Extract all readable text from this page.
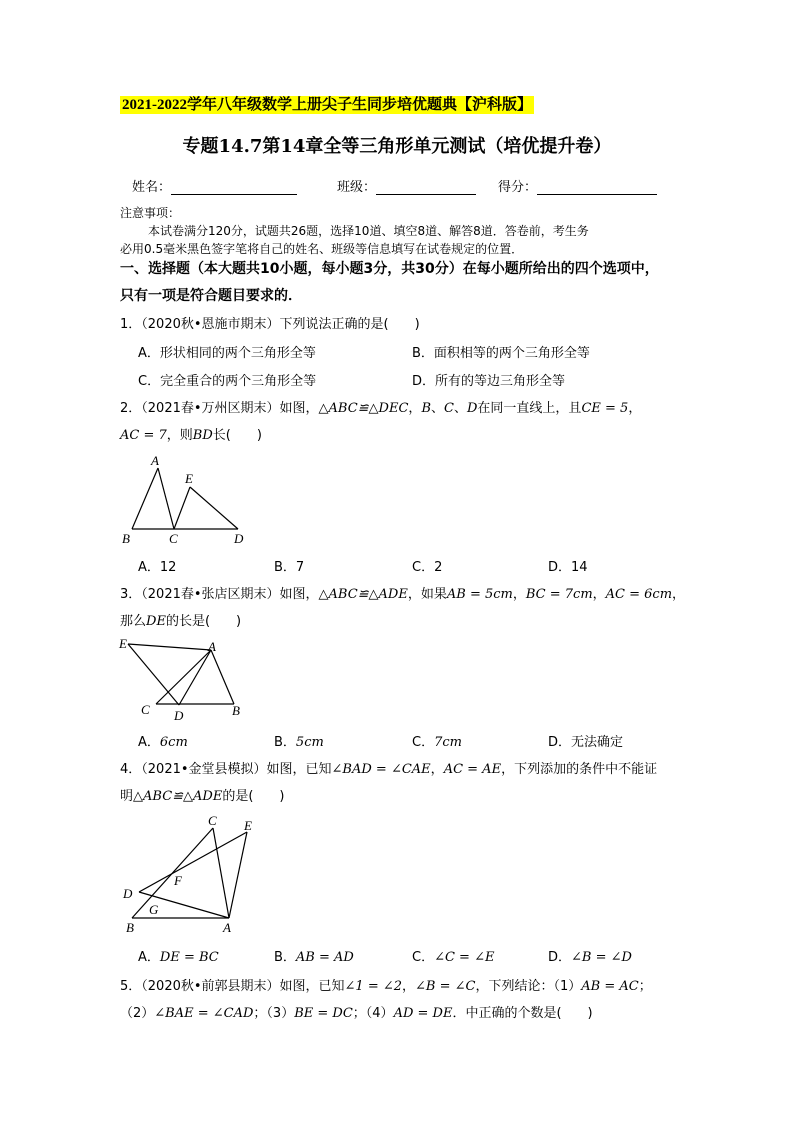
2021-2022学年八年级数学上册尖子生同步培优题典【沪科版】
专题14.7第14章全等三角形单元测试（培优提升卷）
姓名：	班级：	得分：
注意事项：
本试卷满分120分，试题共26题，选择10道、填空8道、解答8道．答卷前，考生务
必用0.5毫米黑色签字笔将自己的姓名、班级等信息填写在试卷规定的位置．
一、选择题（本大题共10小题，每小题3分，共30分）在每小题所给出的四个选项中，
只有一项是符合题目要求的．
1．（2020秋•恩施市期末）下列说法正确的是(　　)
A．形状相同的两个三角形全等	B．面积相等的两个三角形全等
C．完全重合的两个三角形全等	D．所有的等边三角形全等
2．（2021春•万州区期末）如图，△ABC≌△DEC，B、C、D在同一直线上，且CE = 5，
AC = 7，则BD长(　　)
A
E
B	C	D
A．12	B．7	C．2	D．14
3．（2021春•张店区期末）如图，△ABC≌△ADE，如果AB = 5cm，BC = 7cm，AC = 6cm，
那么DE的长是(　　)
E	A
C D	B
A．6cm	B．5cm	C．7cm	D．无法确定
4．（2021•金堂县模拟）如图，已知∠BAD = ∠CAE，AC = AE，下列添加的条件中不能证
明△ABC≌△ADE的是(　　)
C E
F
D
G
B	A
A．DE = BC	B．AB = AD	C．∠C = ∠E	D．∠B = ∠D
5．（2020秋•前郭县期末）如图，已知∠1 = ∠2，∠B = ∠C，下列结论：（1）AB = AC；
（2）∠BAE = ∠CAD；（3）BE = DC；（4）AD = DE．中正确的个数是(　　)
